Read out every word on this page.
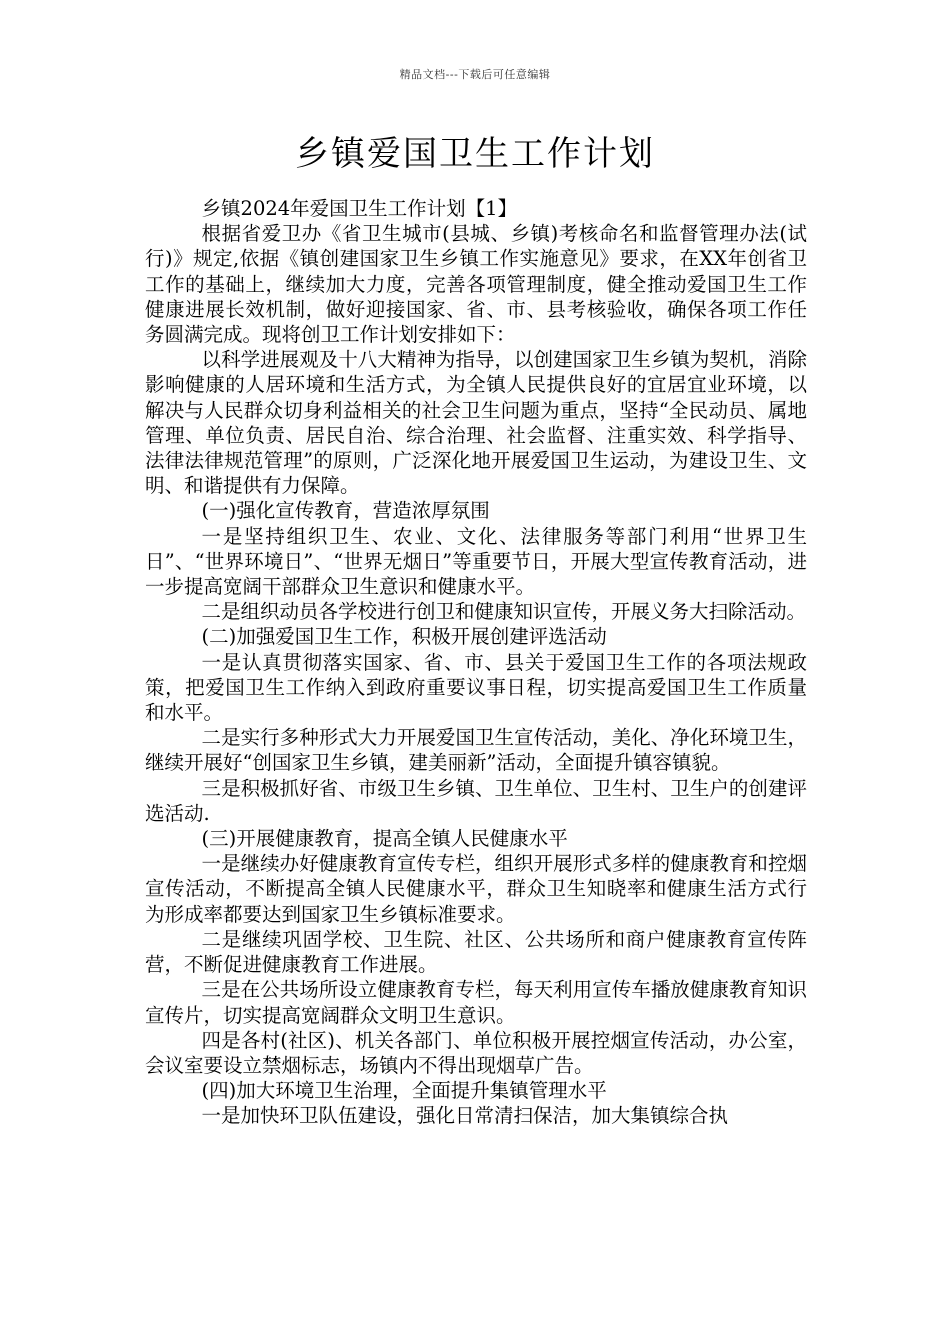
精品文档---下载后可任意编辑
乡镇爱国卫生工作计划

乡镇2024年爱国卫生工作计划【1】

根据省爱卫办《省卫生城市(县城、乡镇)考核命名和监督管理办法(试行)》规定,依据《镇创建国家卫生乡镇工作实施意见》要求，在XX年创省卫工作的基础上，继续加大力度，完善各项管理制度，健全推动爱国卫生工作健康进展长效机制，做好迎接国家、省、市、县考核验收，确保各项工作任务圆满完成。现将创卫工作计划安排如下：

以科学进展观及十八大精神为指导，以创建国家卫生乡镇为契机，消除影响健康的人居环境和生活方式，为全镇人民提供良好的宜居宜业环境，以解决与人民群众切身利益相关的社会卫生问题为重点，坚持“全民动员、属地管理、单位负责、居民自治、综合治理、社会监督、注重实效、科学指导、法律法律规范管理”的原则，广泛深化地开展爱国卫生运动，为建设卫生、文明、和谐提供有力保障。

(一)强化宣传教育，营造浓厚氛围

一是坚持组织卫生、农业、文化、法律服务等部门利用“世界卫生日”、“世界环境日”、“世界无烟日”等重要节日，开展大型宣传教育活动，进一步提高宽阔干部群众卫生意识和健康水平。

二是组织动员各学校进行创卫和健康知识宣传，开展义务大扫除活动。

(二)加强爱国卫生工作，积极开展创建评选活动

一是认真贯彻落实国家、省、市、县关于爱国卫生工作的各项法规政策，把爱国卫生工作纳入到政府重要议事日程，切实提高爱国卫生工作质量和水平。

二是实行多种形式大力开展爱国卫生宣传活动，美化、净化环境卫生，继续开展好“创国家卫生乡镇，建美丽新”活动，全面提升镇容镇貌。

三是积极抓好省、市级卫生乡镇、卫生单位、卫生村、卫生户的创建评选活动.

(三)开展健康教育，提高全镇人民健康水平

一是继续办好健康教育宣传专栏，组织开展形式多样的健康教育和控烟宣传活动，不断提高全镇人民健康水平，群众卫生知晓率和健康生活方式行为形成率都要达到国家卫生乡镇标准要求。

二是继续巩固学校、卫生院、社区、公共场所和商户健康教育宣传阵营，不断促进健康教育工作进展。

三是在公共场所设立健康教育专栏，每天利用宣传车播放健康教育知识宣传片，切实提高宽阔群众文明卫生意识。

四是各村(社区)、机关各部门、单位积极开展控烟宣传活动，办公室，会议室要设立禁烟标志，场镇内不得出现烟草广告。

(四)加大环境卫生治理，全面提升集镇管理水平

一是加快环卫队伍建设，强化日常清扫保洁，加大集镇综合执
